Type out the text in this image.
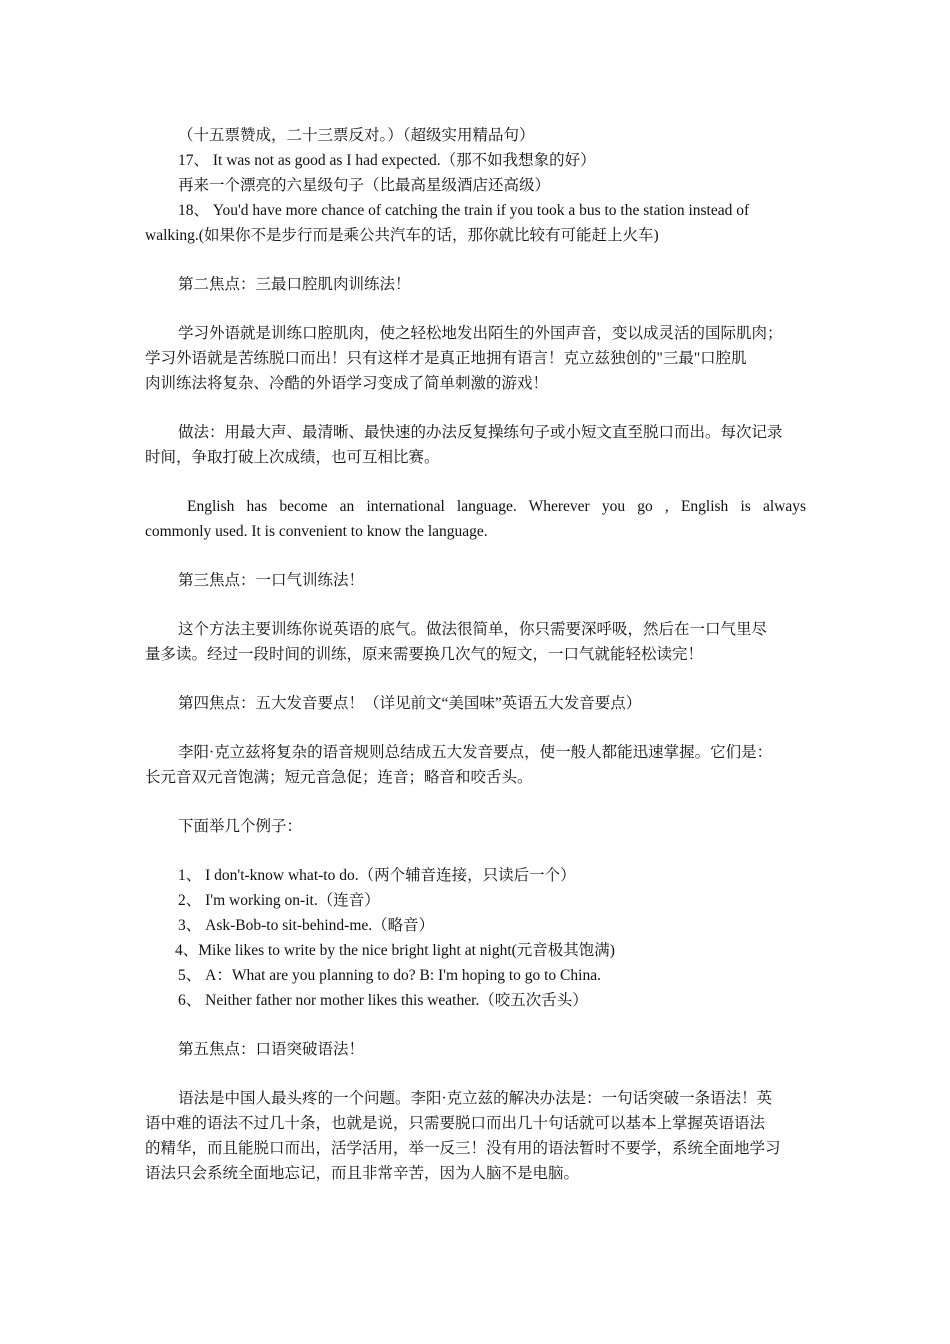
（十五票赞成，二十三票反对。）（超级实用精品句）
17、 It was not as good as I had expected.（那不如我想象的好）
再来一个漂亮的六星级句子（比最高星级酒店还高级）
18、 You'd have more chance of catching the train if you took a bus to the station instead of
walking.(如果你不是步行而是乘公共汽车的话，那你就比较有可能赶上火车)
第二焦点：三最口腔肌肉训练法！
学习外语就是训练口腔肌肉，使之轻松地发出陌生的外国声音，变以成灵活的国际肌肉；
学习外语就是苦练脱口而出！只有这样才是真正地拥有语言！克立兹独创的"三最"口腔肌
肉训练法将复杂、冷酷的外语学习变成了简单刺激的游戏！
做法：用最大声、最清晰、最快速的办法反复操练句子或小短文直至脱口而出。每次记录
时间，争取打破上次成绩，也可互相比赛。
English has become an international language. Wherever you go , English is always
commonly used. It is convenient to know the language.
第三焦点：一口气训练法！
这个方法主要训练你说英语的底气。做法很简单，你只需要深呼吸，然后在一口气里尽
量多读。经过一段时间的训练，原来需要换几次气的短文，一口气就能轻松读完！
第四焦点：五大发音要点！（详见前文“美国味”英语五大发音要点）
李阳·克立兹将复杂的语音规则总结成五大发音要点，使一般人都能迅速掌握。它们是：
长元音双元音饱满；短元音急促；连音；略音和咬舌头。
下面举几个例子：
1、 I don't-know what-to do.（两个辅音连接，只读后一个）
2、 I'm working on-it.（连音）
3、 Ask-Bob-to sit-behind-me.（略音）
4、Mike likes to write by the nice bright light at night(元音极其饱满)
5、 A：What are you planning to do? B: I'm hoping to go to China.
6、 Neither father nor mother likes this weather.（咬五次舌头）
第五焦点：口语突破语法！
语法是中国人最头疼的一个问题。李阳·克立兹的解决办法是：一句话突破一条语法！英
语中难的语法不过几十条，也就是说，只需要脱口而出几十句话就可以基本上掌握英语语法
的精华，而且能脱口而出，活学活用，举一反三！没有用的语法暂时不要学，系统全面地学习
语法只会系统全面地忘记，而且非常辛苦，因为人脑不是电脑。
